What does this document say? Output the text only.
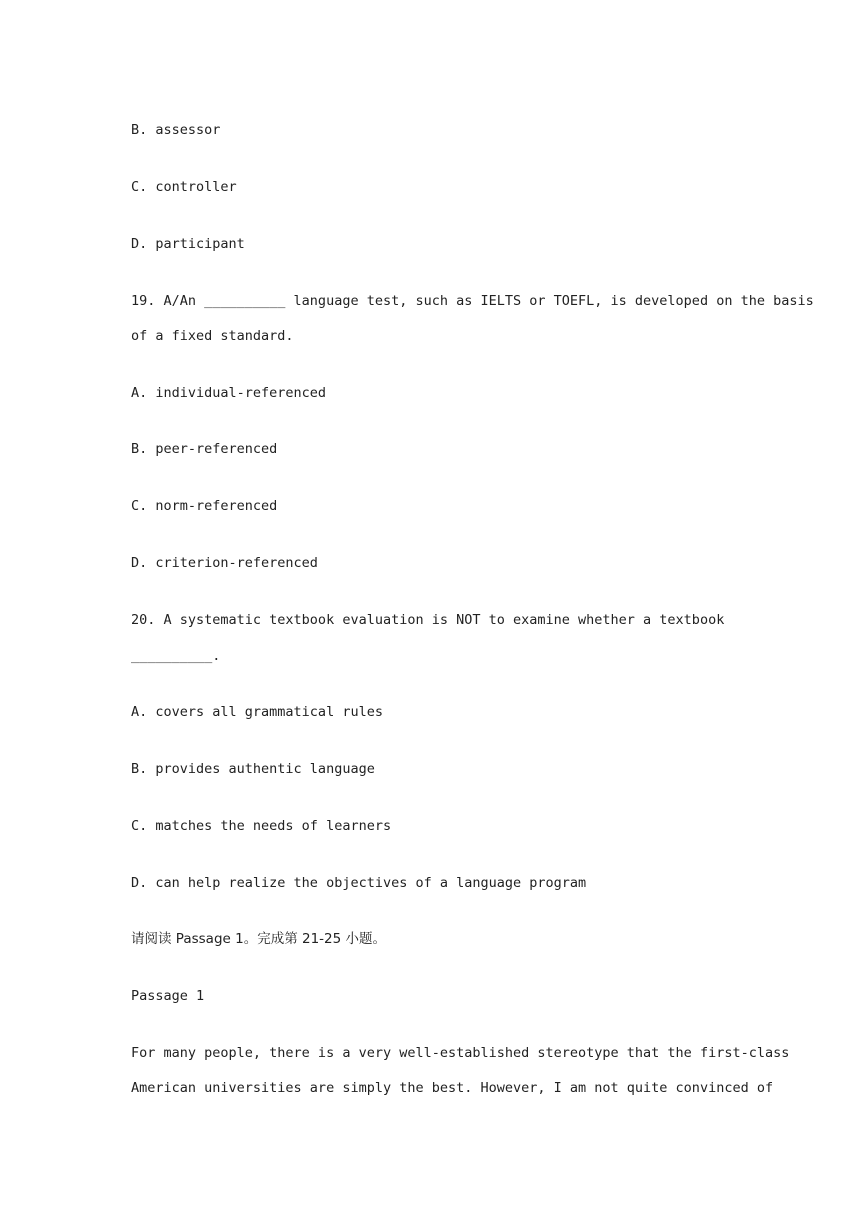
B. assessor
C. controller
D. participant
19. A/An __________ language test, such as IELTS or TOEFL, is developed on the basis
of a fixed standard.
A. individual-referenced
B. peer-referenced
C. norm-referenced
D. criterion-referenced
20. A systematic textbook evaluation is NOT to examine whether a textbook
__________.
A. covers all grammatical rules
B. provides authentic language
C. matches the needs of learners
D. can help realize the objectives of a language program
请阅读 Passage 1。完成第 21-25 小题。
Passage 1
For many people, there is a very well-established stereotype that the first-class
American universities are simply the best. However, I am not quite convinced of
